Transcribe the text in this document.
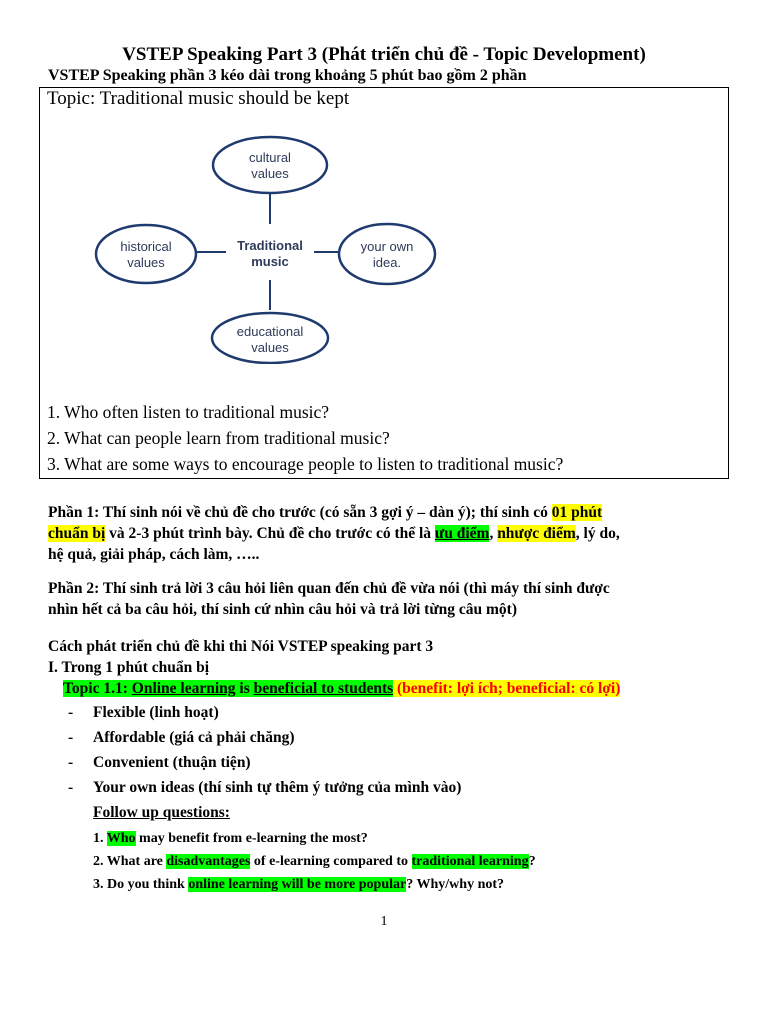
VSTEP Speaking Part 3 (Phát triển chủ đề - Topic Development)
VSTEP Speaking phần 3 kéo dài trong khoảng 5 phút bao gồm 2 phần
Topic: Traditional music should be kept
cultural
values
Traditional
music
historical
values
your own
idea.
educational
values
1. Who often listen to traditional music?
2. What can people learn from traditional music?
3. What are some ways to encourage people to listen to traditional music?
Phần 1: Thí sinh nói về chủ đề cho trước (có sẵn 3 gợi ý – dàn ý); thí sinh có 01 phút
chuẩn bị và 2-3 phút trình bày. Chủ đề cho trước có thể là ưu điểm, nhược điểm, lý do,
hệ quả, giải pháp, cách làm, …..
Phần 2: Thí sinh trả lời 3 câu hỏi liên quan đến chủ đề vừa nói (thì máy thí sinh được
nhìn hết cả ba câu hỏi, thí sinh cứ nhìn câu hỏi và trả lời từng câu một)
Cách phát triển chủ đề khi thi Nói VSTEP speaking part 3
I. Trong 1 phút chuẩn bị
Topic 1.1: Online learning is beneficial to students (benefit: lợi ích; beneficial: có lợi)
- Flexible (linh hoạt)
- Affordable (giá cả phải chăng)
- Convenient (thuận tiện)
- Your own ideas (thí sinh tự thêm ý tưởng của mình vào)
Follow up questions:
1. Who may benefit from e-learning the most?
2. What are disadvantages of e-learning compared to traditional learning?
3. Do you think online learning will be more popular? Why/why not?
1
